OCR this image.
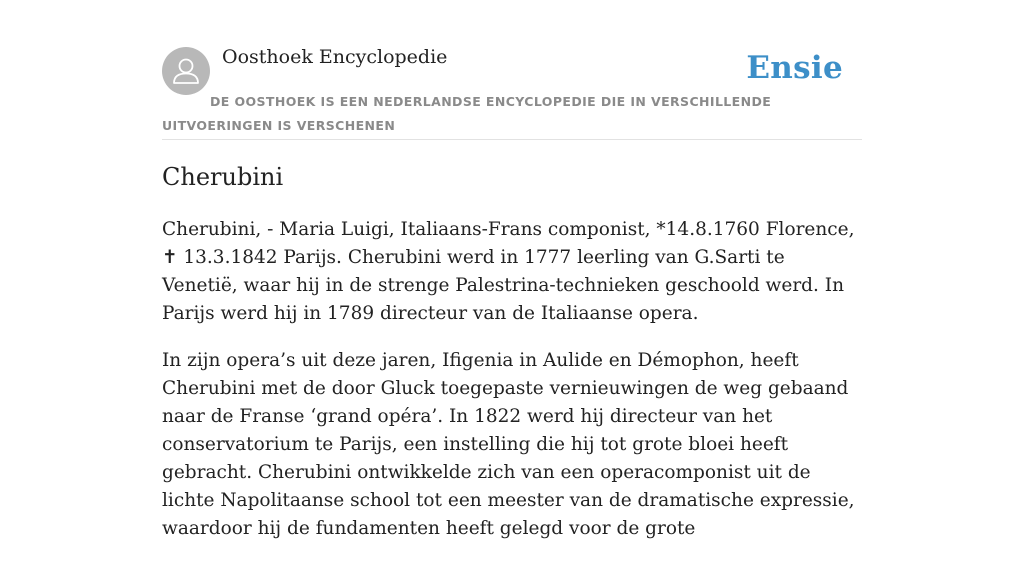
Oosthoek Encyclopedie	Ensie
DE OOSTHOEK IS EEN NEDERLANDSE ENCYCLOPEDIE DIE IN VERSCHILLENDE UITVOERINGEN IS VERSCHENEN
Cherubini

Cherubini, - Maria Luigi, Italiaans-Frans componist, *14.8.1760 Florence, ✝ 13.3.1842 Parijs. Cherubini werd in 1777 leerling van G.Sarti te Venetië, waar hij in de strenge Palestrina-technieken geschoold werd. In Parijs werd hij in 1789 directeur van de Italiaanse opera.

In zijn opera’s uit deze jaren, Ifigenia in Aulide en Démophon, heeft Cherubini met de door Gluck toegepaste vernieuwingen de weg gebaand naar de Franse ‘grand opéra’. In 1822 werd hij directeur van het conservatorium te Parijs, een instelling die hij tot grote bloei heeft gebracht. Cherubini ontwikkelde zich van een operacomponist uit de lichte Napolitaanse school tot een meester van de dramatische expressie, waardoor hij de fundamenten heeft gelegd voor de grote
